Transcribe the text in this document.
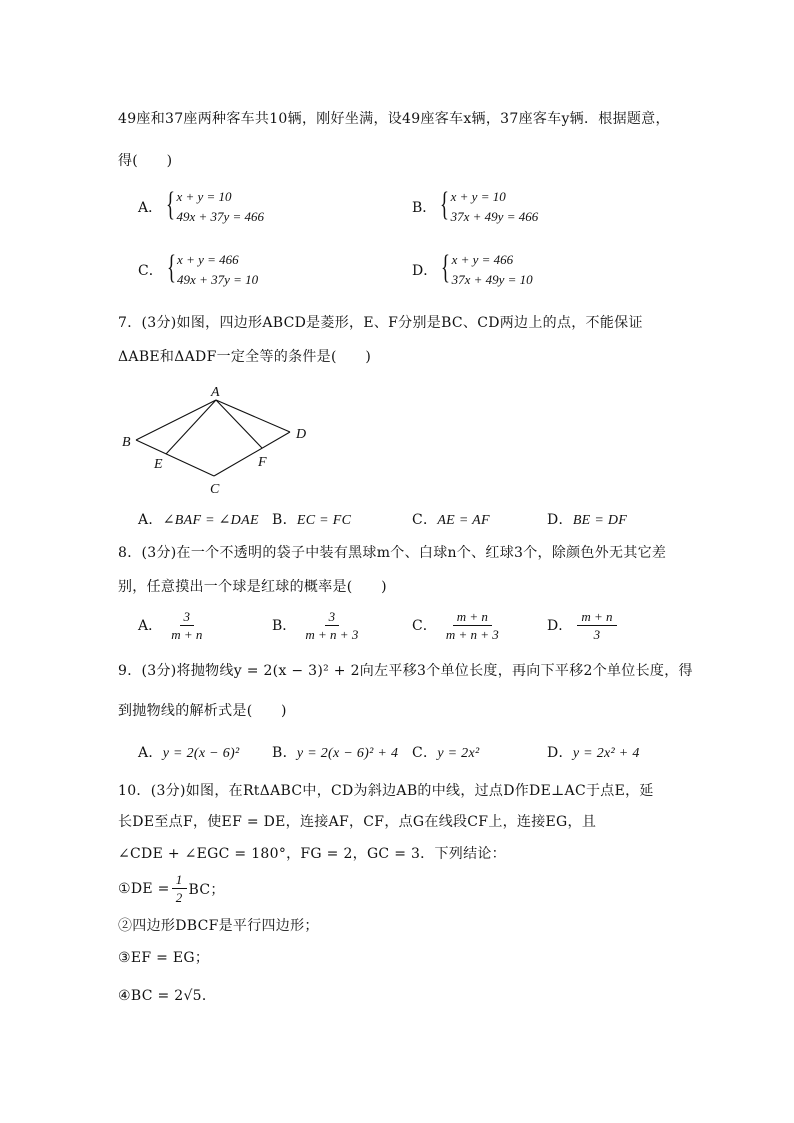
49座和37座两种客车共10辆，刚好坐满，设49座客车x辆，37座客车y辆．根据题意，
得(　　)
A． { x + y = 10
49x + 37y = 466
B． { x + y = 10
37x + 49y = 466
C． { x + y = 466
49x + 37y = 10
D． { x + y = 466
37x + 49y = 10
7．(3分)如图，四边形ABCD是菱形，E、F分别是BC、CD两边上的点，不能保证
ΔABE和ΔADF一定全等的条件是(　　)
A
B
C
D
E	F
A．∠BAF = ∠DAE B．EC = FC	C．AE = AF	D．BE = DF
8．(3分)在一个不透明的袋子中装有黑球m个、白球n个、红球3个，除颜色外无其它差
别，任意摸出一个球是红球的概率是(　　)
A． $\frac{3}{m + n}$	B． $\frac{3}{m + n + 3}$	C． $\frac{m + n}{m + n + 3}$	D． $\frac{m + n}{3}$
9．(3分)将抛物线y = 2(x − 3)² + 2向左平移3个单位长度，再向下平移2个单位长度，得
到抛物线的解析式是(　　)
A．y = 2(x − 6)² B．y = 2(x − 6)² + 4 C．y = 2x²	D．y = 2x² + 4
10．(3分)如图，在RtΔABC中，CD为斜边AB的中线，过点D作DE⊥AC于点E，延
长DE至点F，使EF = DE，连接AF，CF，点G在线段CF上，连接EG，且
∠CDE + ∠EGC = 180°，FG = 2，GC = 3．下列结论：
①DE = $\frac{1}{2}$ BC；
②四边形DBCF是平行四边形；
③EF = EG；
④BC = 2√5．
